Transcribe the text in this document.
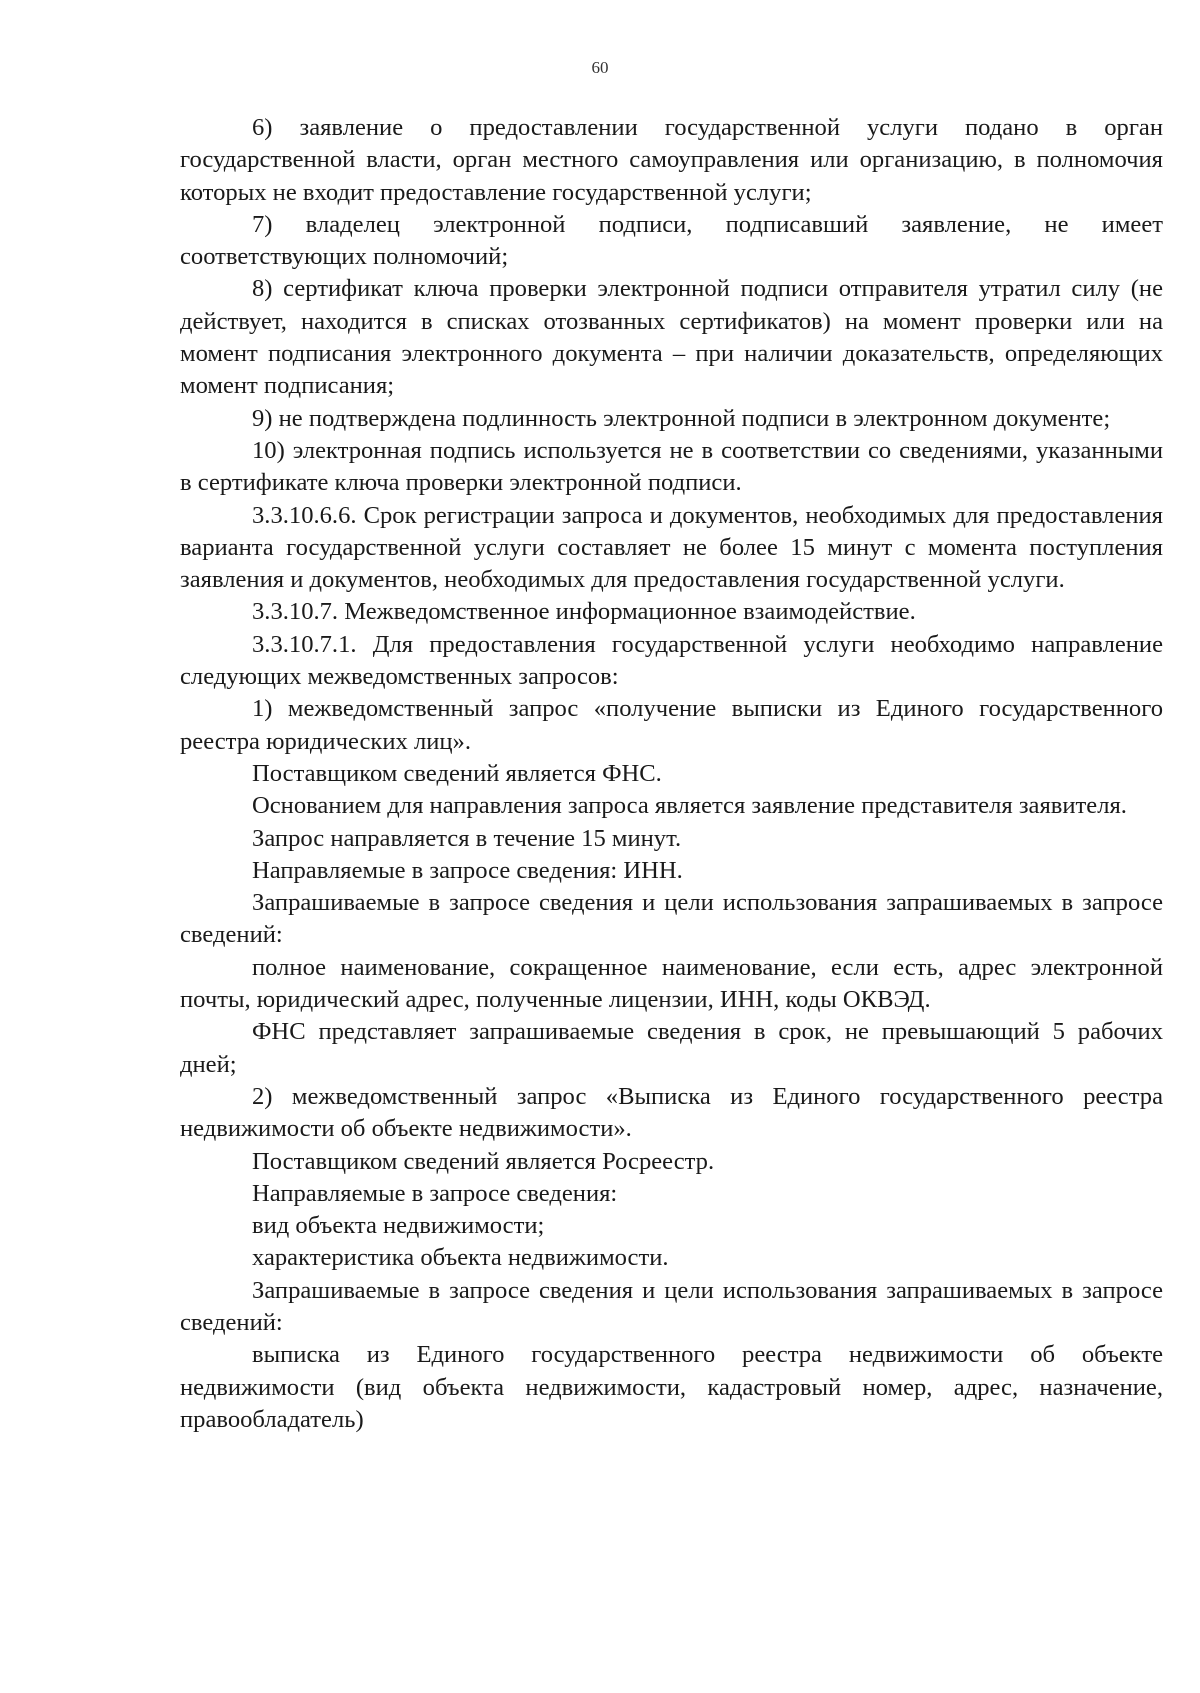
60

6) заявление о предоставлении государственной услуги подано в орган государственной власти, орган местного самоуправления или организацию, в полномочия которых не входит предоставление государственной услуги;

7) владелец электронной подписи, подписавший заявление, не имеет соответствующих полномочий;

8) сертификат ключа проверки электронной подписи отправителя утратил силу (не действует, находится в списках отозванных сертификатов) на момент проверки или на момент подписания электронного документа – при наличии доказательств, определяющих момент подписания;

9) не подтверждена подлинность электронной подписи в электронном документе;

10) электронная подпись используется не в соответствии со сведениями, указанными в сертификате ключа проверки электронной подписи.

3.3.10.6.6. Срок регистрации запроса и документов, необходимых для предоставления варианта государственной услуги составляет не более 15 минут с момента поступления заявления и документов, необходимых для предоставления государственной услуги.

3.3.10.7. Межведомственное информационное взаимодействие.

3.3.10.7.1. Для предоставления государственной услуги необходимо направление следующих межведомственных запросов:

1) межведомственный запрос «получение выписки из Единого государственного реестра юридических лиц».

Поставщиком сведений является ФНС.

Основанием для направления запроса является заявление представителя заявителя.

Запрос направляется в течение 15 минут.

Направляемые в запросе сведения: ИНН.

Запрашиваемые в запросе сведения и цели использования запрашиваемых в запросе сведений:

полное наименование, сокращенное наименование, если есть, адрес электронной почты, юридический адрес, полученные лицензии, ИНН, коды ОКВЭД.

ФНС представляет запрашиваемые сведения в срок, не превышающий 5 рабочих дней;

2) межведомственный запрос «Выписка из Единого государственного реестра недвижимости об объекте недвижимости».

Поставщиком сведений является Росреестр.

Направляемые в запросе сведения:

вид объекта недвижимости;

характеристика объекта недвижимости.

Запрашиваемые в запросе сведения и цели использования запрашиваемых в запросе сведений:

выписка из Единого государственного реестра недвижимости об объекте недвижимости (вид объекта недвижимости, кадастровый номер, адрес, назначение, правообладатель)
